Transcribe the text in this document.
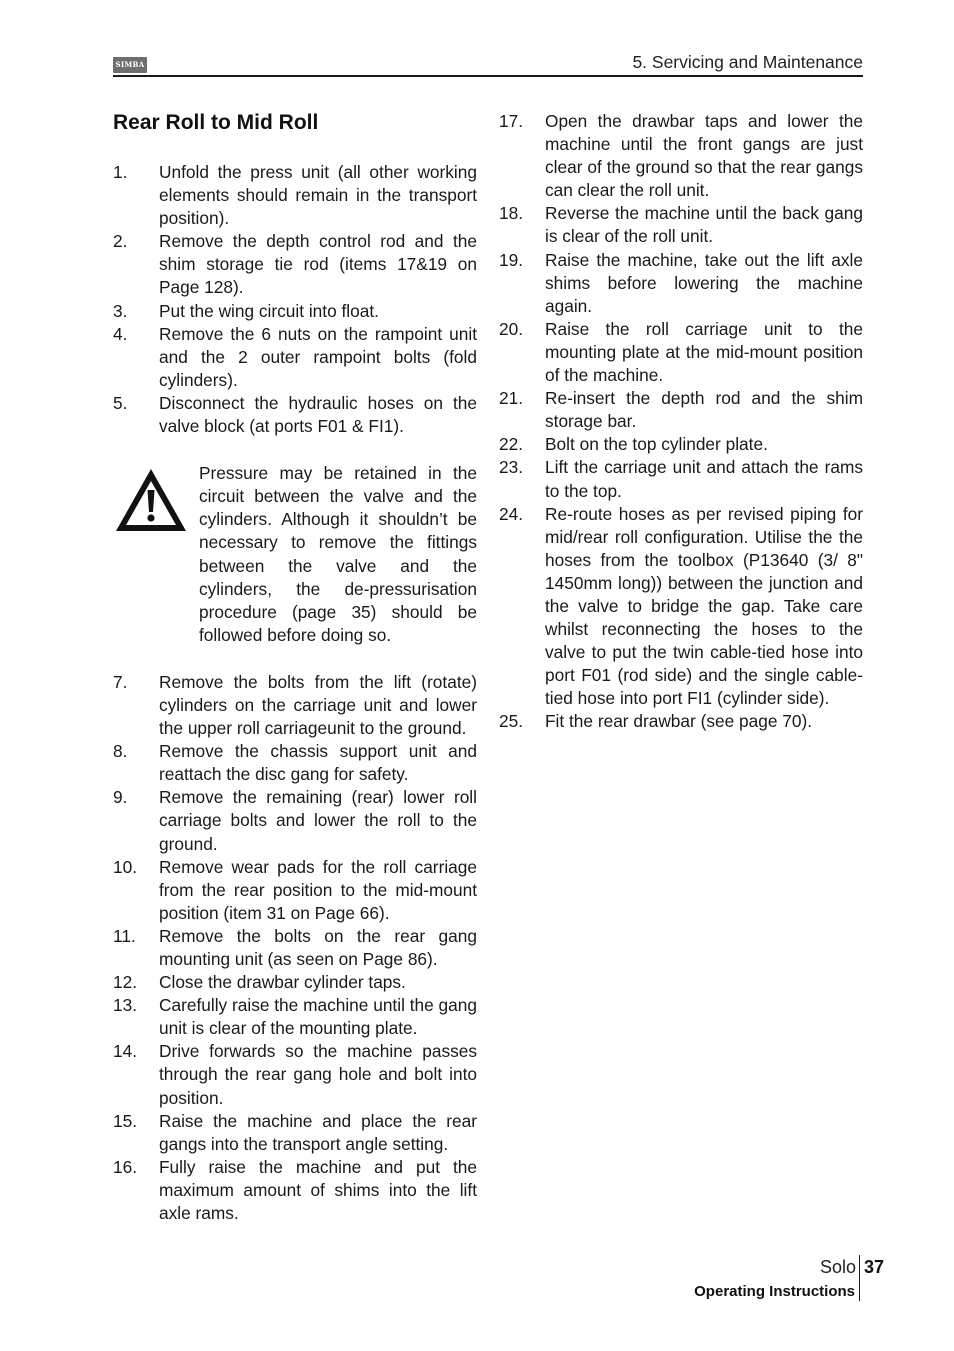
SIMBA	5. Servicing and Maintenance
Rear Roll to Mid Roll
1.	Unfold the press unit (all other working elements should remain in the transport position).
2.	Remove the depth control rod and the shim storage tie rod (items 17&19 on Page 128).
3.	Put the wing circuit into float.
4.	Remove the 6 nuts on the rampoint unit and the 2 outer rampoint bolts (fold cylinders).
5.	Disconnect the hydraulic hoses on the valve block (at ports F01 & FI1).
Pressure may be retained in the circuit between the valve and the cylinders. Although it shouldn’t be necessary to remove the fittings between the valve and the cylinders, the de-pressurisation procedure (page 35) should be followed before doing so.
7.	Remove the bolts from the lift (rotate) cylinders on the carriage unit and lower the upper roll carriageunit to the ground.
8.	Remove the chassis support unit and reattach the disc gang for safety.
9.	Remove the remaining (rear) lower roll carriage bolts and lower the roll to the ground.
10.	Remove wear pads for the roll carriage from the rear position to the mid-mount position (item 31 on Page 66).
11.	Remove the bolts on the rear gang mounting unit (as seen on Page 86).
12.	Close the drawbar cylinder taps.
13.	Carefully raise the machine until the gang unit is clear of the mounting plate.
14.	Drive forwards so the machine passes through the rear gang hole and bolt into position.
15.	Raise the machine and place the rear gangs into the transport angle setting.
16.	Fully raise the machine and put the maximum amount of shims into the lift axle rams.
17.	Open the drawbar taps and lower the machine until the front gangs are just clear of the ground so that the rear gangs can clear the roll unit.
18.	Reverse the machine until the back gang is clear of the roll unit.
19.	Raise the machine, take out the lift axle shims before lowering the machine again.
20.	Raise the roll carriage unit to the mounting plate at the mid-mount position of the machine.
21.	Re-insert the depth rod and the shim storage bar.
22.	Bolt on the top cylinder plate.
23.	Lift the carriage unit and attach the rams to the top.
24.	Re-route hoses as per revised piping for mid/rear roll configuration. Utilise the the hoses from the toolbox (P13640 (3/ 8" 1450mm long)) between the junction and the valve to bridge the gap. Take care whilst reconnecting the hoses to the valve to put the twin cable-tied hose into port F01 (rod side) and the single cable-tied hose into port FI1 (cylinder side).
25.	Fit the rear drawbar (see page 70).
Solo 37
Operating Instructions
